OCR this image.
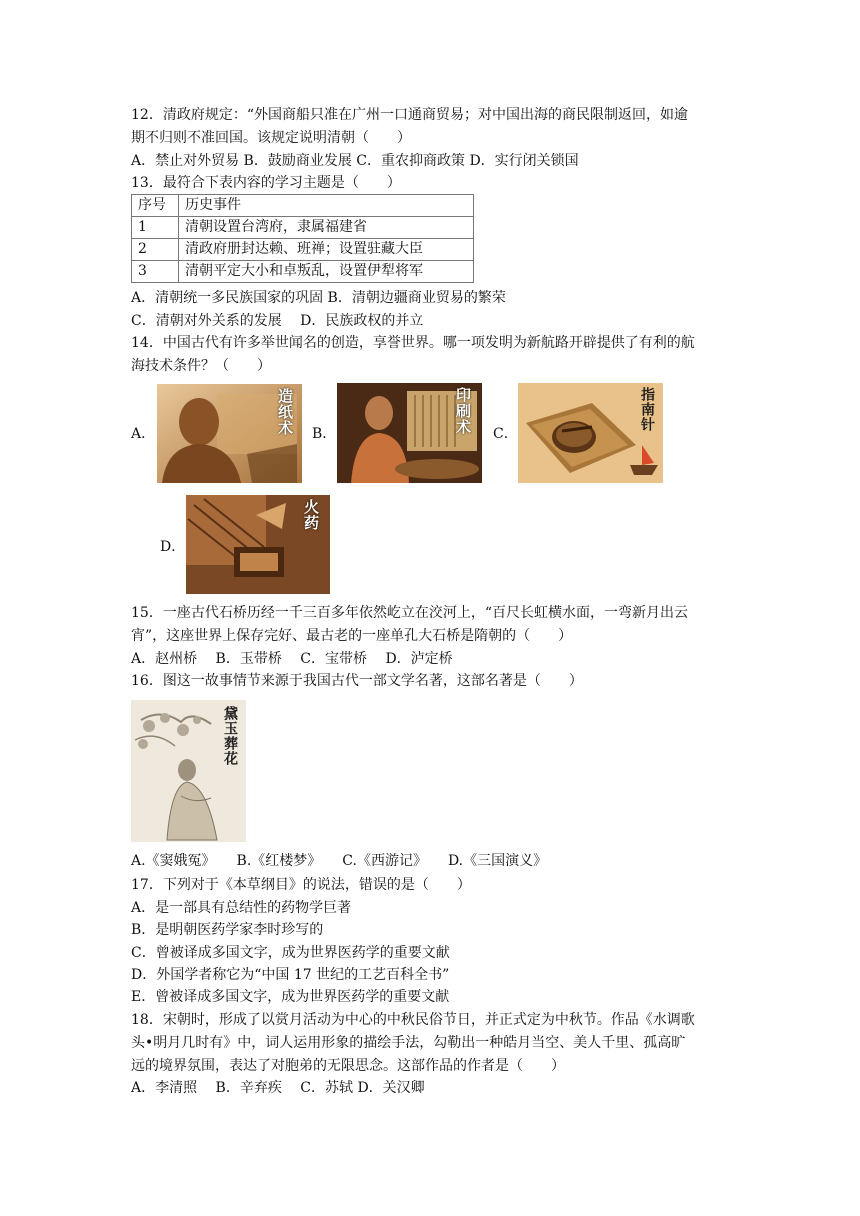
12．清政府规定：“外国商船只准在广州一口通商贸易；对中国出海的商民限制返回，如逾
期不归则不准回国。该规定说明清朝（　　）
A．禁止对外贸易 B．鼓励商业发展 C．重农抑商政策 D．实行闭关锁国
13．最符合下表内容的学习主题是（　　）
序号	历史事件
1	清朝设置台湾府，隶属福建省
2	清政府册封达赖、班禅；设置驻藏大臣
3	清朝平定大小和卓叛乱，设置伊犁将军
A．清朝统一多民族国家的巩固 B．清朝边疆商业贸易的繁荣
C．清朝对外关系的发展　 D．民族政权的并立
14．中国古代有许多举世闻名的创造，享誉世界。哪一项发明为新航路开辟提供了有利的航
海技术条件？（　　）
A．	造纸术 B．	印刷术 C．
指南针
D．
火药
15．一座古代石桥历经一千三百多年依然屹立在洨河上，“百尺长虹横水面，一弯新月出云
宵”，这座世界上保存完好、最古老的一座单孔大石桥是隋朝的（　　）
A．赵州桥　 B．玉带桥　 C．宝带桥　 D．泸定桥
16．图这一故事情节来源于我国古代一部文学名著，这部名著是（　　）
黛玉葬花
A.《窦娥冤》　　B.《红楼梦》　　C.《西游记》　　D.《三国演义》
17．下列对于《本草纲目》的说法，错误的是（　　）
A．是一部具有总结性的药物学巨著
B．是明朝医药学家李时珍写的
C．曾被译成多国文字，成为世界医药学的重要文献
D．外国学者称它为“中国 17 世纪的工艺百科全书”
E．曾被译成多国文字，成为世界医药学的重要文献
18．宋朝时，形成了以赏月活动为中心的中秋民俗节日，并正式定为中秋节。作品《水调歌
头•明月几时有》中，词人运用形象的描绘手法，勾勒出一种皓月当空、美人千里、孤高旷
远的境界氛围，表达了对胞弟的无限思念。这部作品的作者是（　　）
A．李清照　 B．辛弃疾　 C．苏轼 D．关汉卿
